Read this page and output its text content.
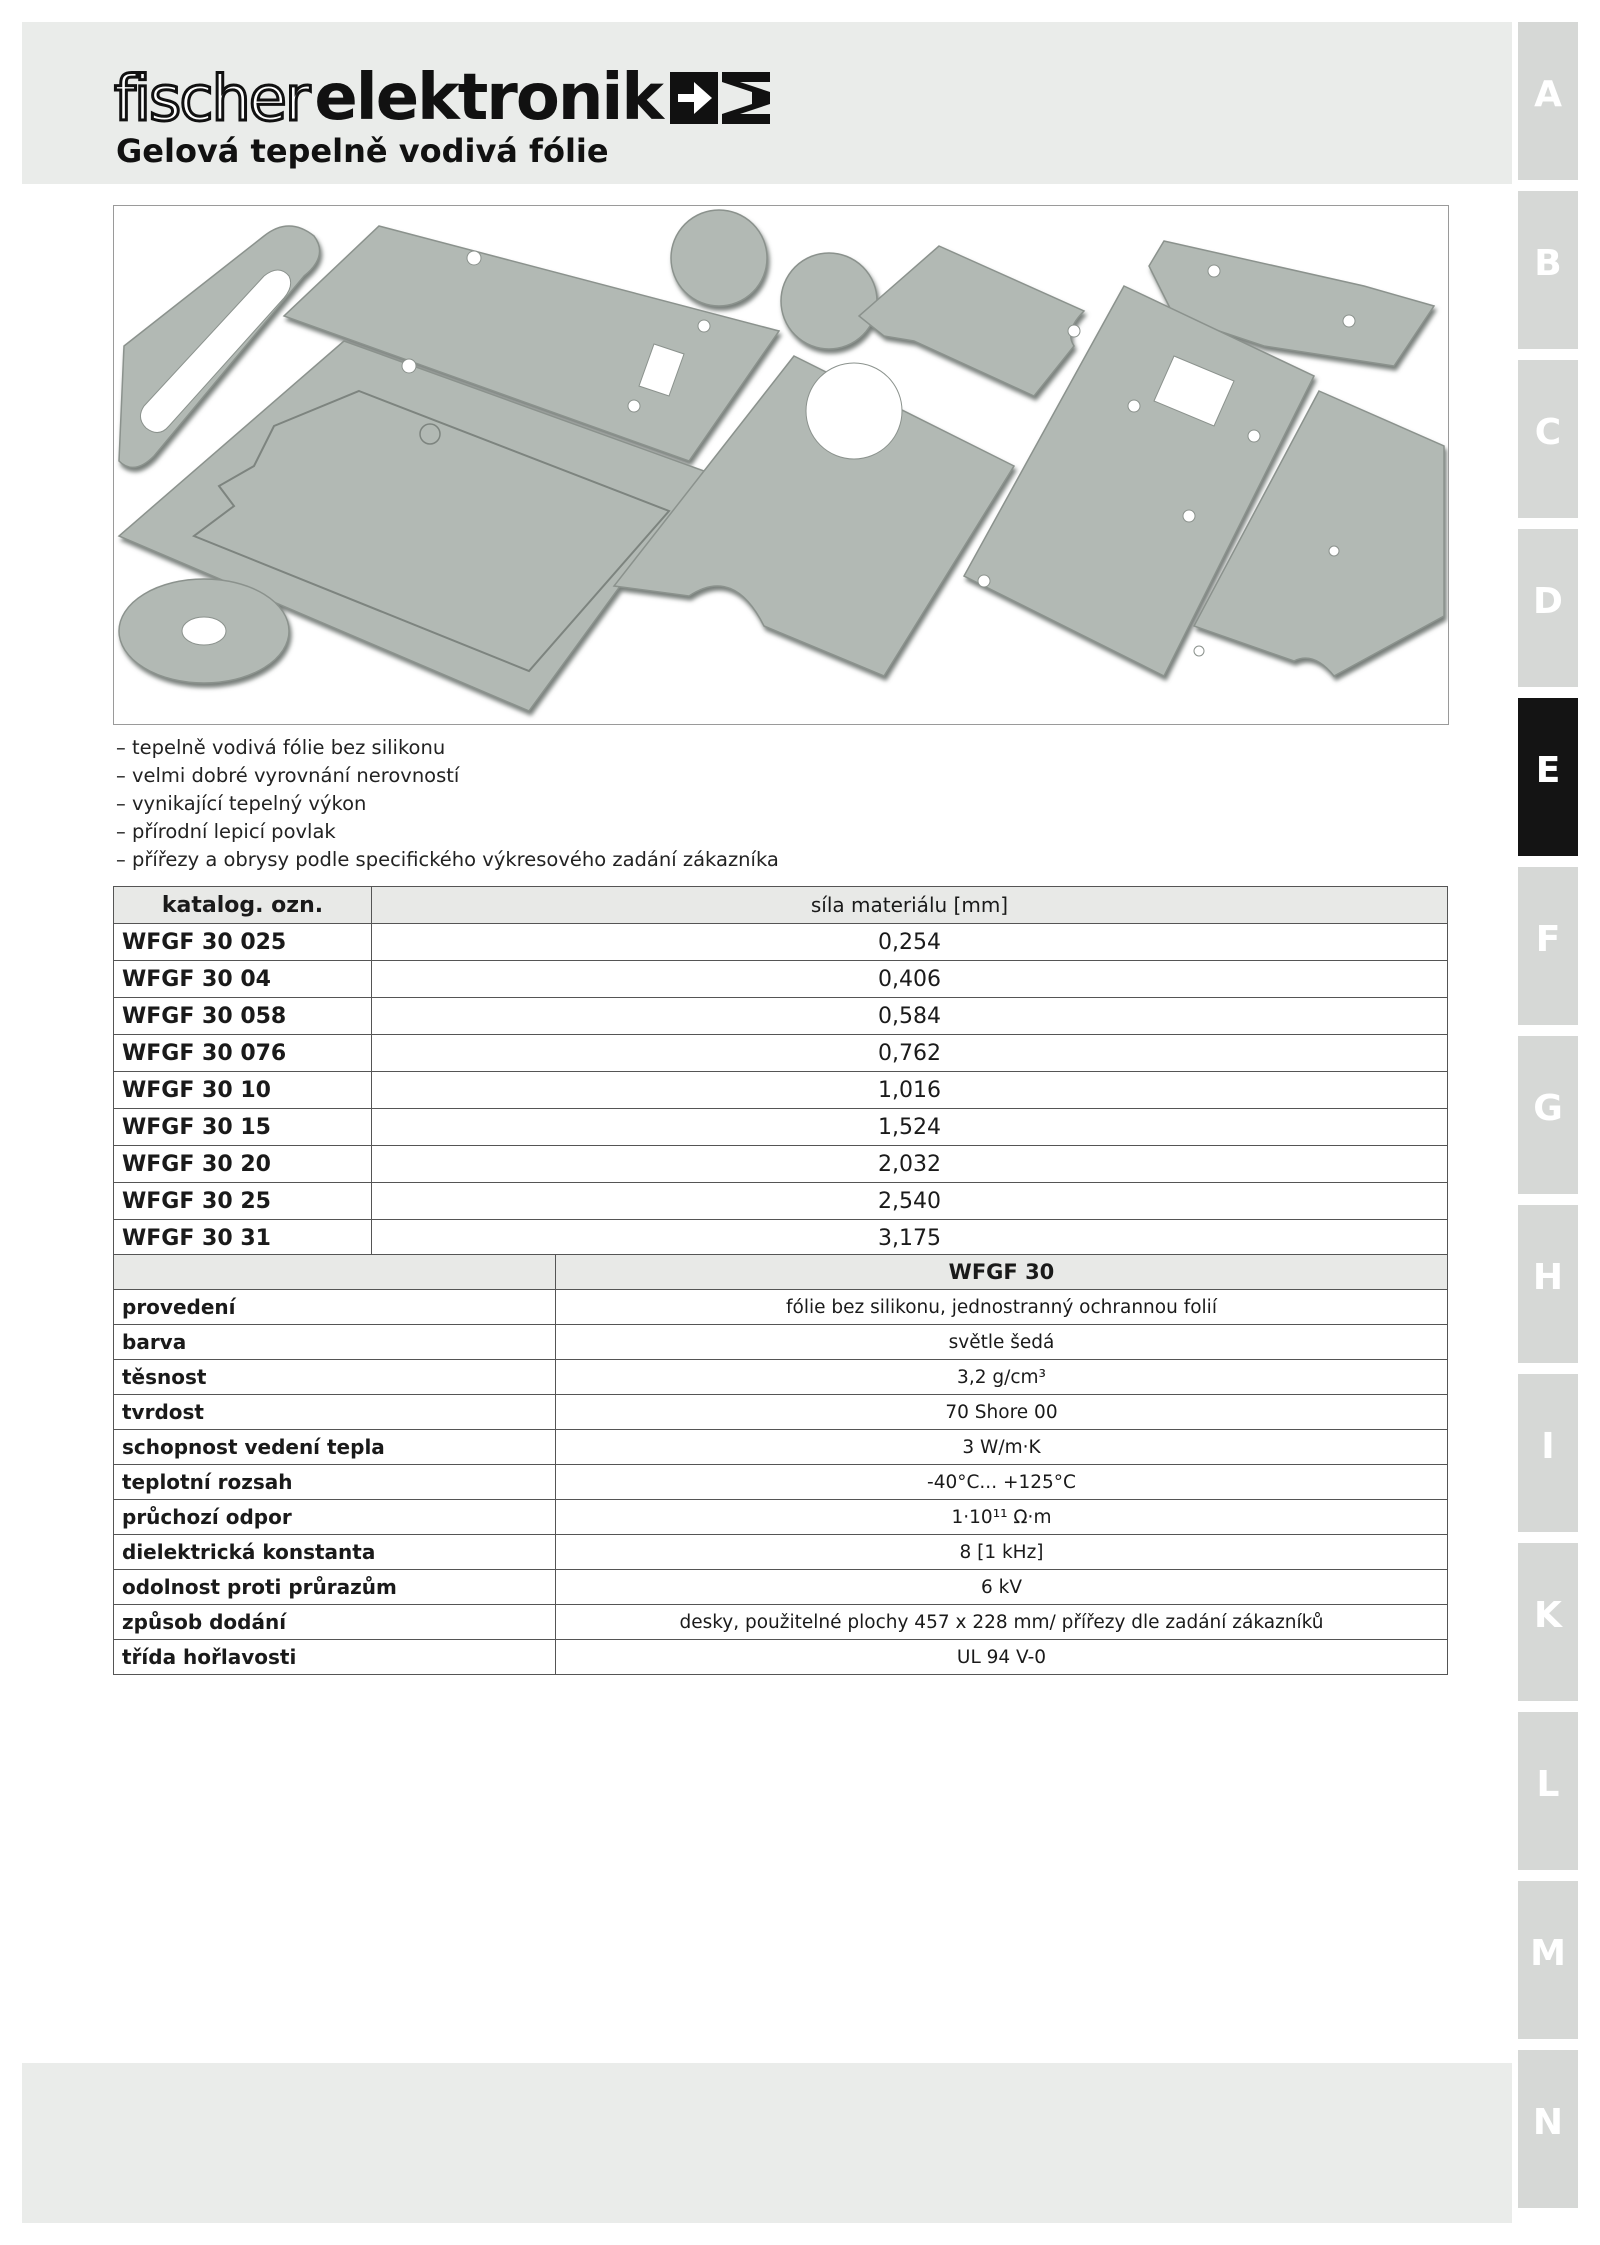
fischer elektronik
Gelová tepelně vodivá fólie
– tepelně vodivá fólie bez silikonu
– velmi dobré vyrovnání nerovností
– vynikající tepelný výkon
– přírodní lepicí povlak
– přířezy a obrysy podle specifického výkresového zadání zákazníka
katalog. ozn.	síla materiálu [mm]
WFGF 30 025	0,254
WFGF 30 04	0,406
WFGF 30 058	0,584
WFGF 30 076	0,762
WFGF 30 10	1,016
WFGF 30 15	1,524
WFGF 30 20	2,032
WFGF 30 25	2,540
WFGF 30 31	3,175
	WFGF 30
provedení	fólie bez silikonu, jednostranný ochrannou folií
barva	světle šedá
těsnost	3,2 g/cm³
tvrdost	70 Shore 00
schopnost vedení tepla	3 W/m·K
teplotní rozsah	-40°C... +125°C
průchozí odpor	1·10¹¹ Ω·m
dielektrická konstanta	8 [1 kHz]
odolnost proti průrazům	6 kV
způsob dodání	desky, použitelné plochy 457 x 228 mm/ přířezy dle zadání zákazníků
třída hořlavosti	UL 94 V-0
A
B
C
D
E
F
G
H
I
K
L
M
N
